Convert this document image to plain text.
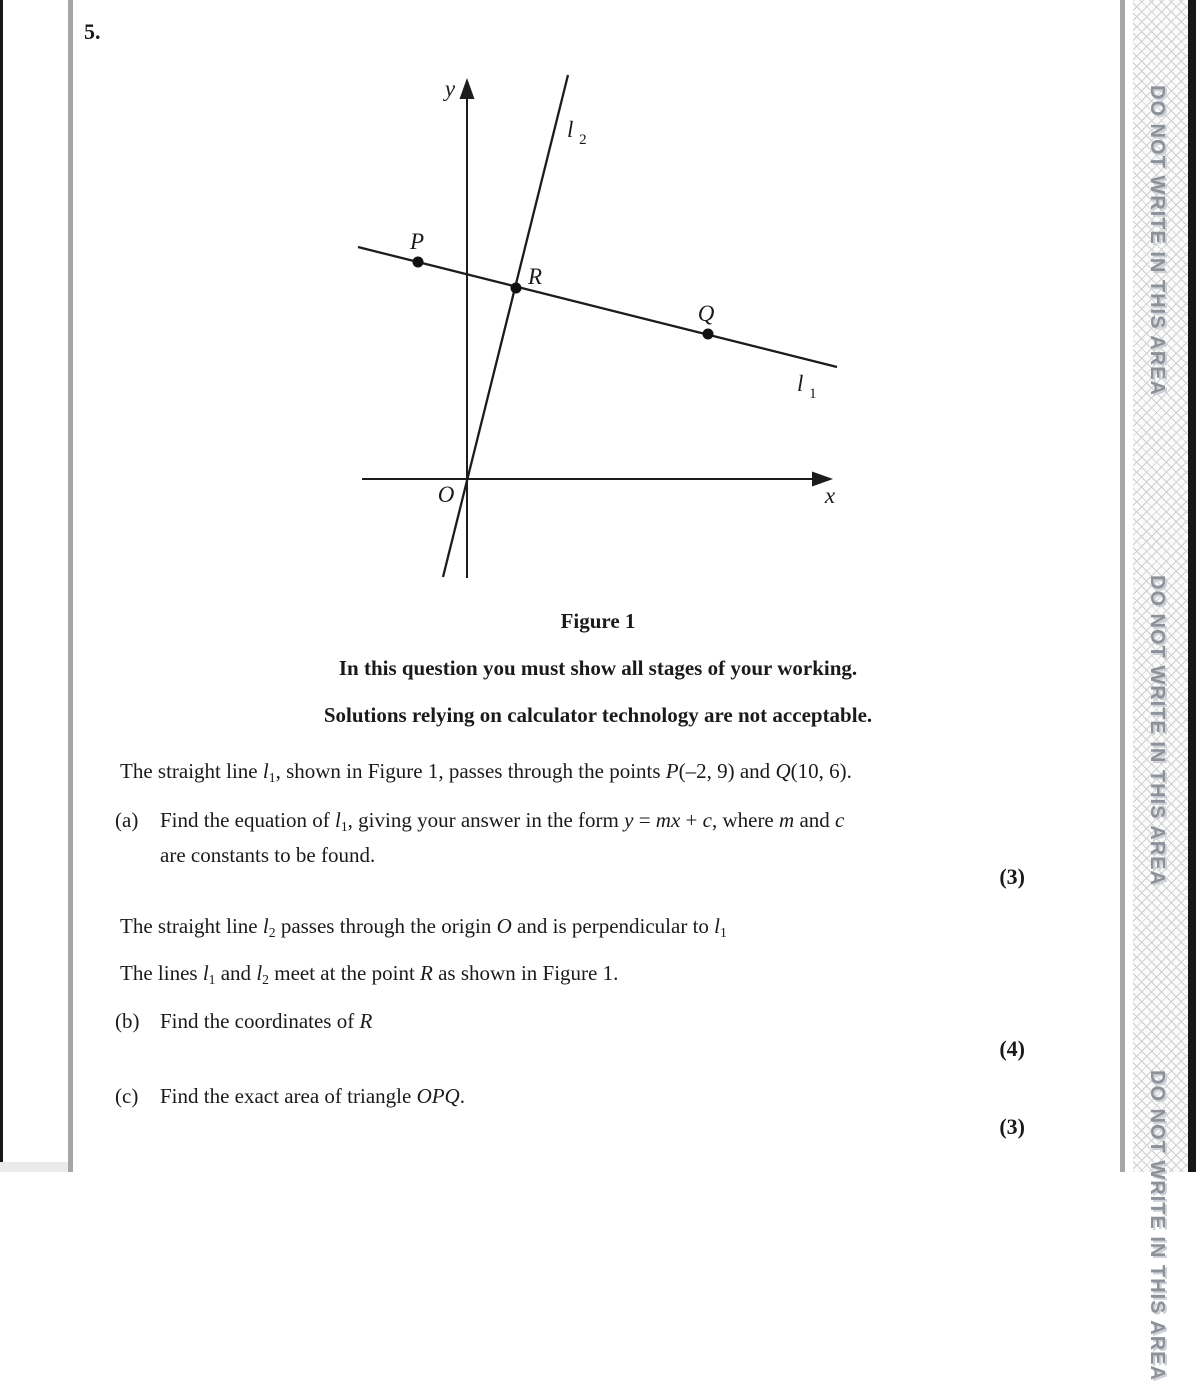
DO NOT WRITE IN THIS AREA
DO NOT WRITE IN THIS AREA
DO NOT WRITE IN THIS AREA
5.
y
x
O
P
R
Q
l $_2$
l $_1$
Figure 1
In this question you must show all stages of your working.
Solutions relying on calculator technology are not acceptable.
The straight line l1, shown in Figure 1, passes through the points P(–2, 9) and Q(10, 6).
(a)	Find the equation of l1, giving your answer in the form y = mx + c, where m and c
are constants to be found.
(3)
The straight line l2 passes through the origin O and is perpendicular to l1
The lines l1 and l2 meet at the point R as shown in Figure 1.
(b) Find the coordinates of R
(4)
(c)	Find the exact area of triangle OPQ.
(3)
